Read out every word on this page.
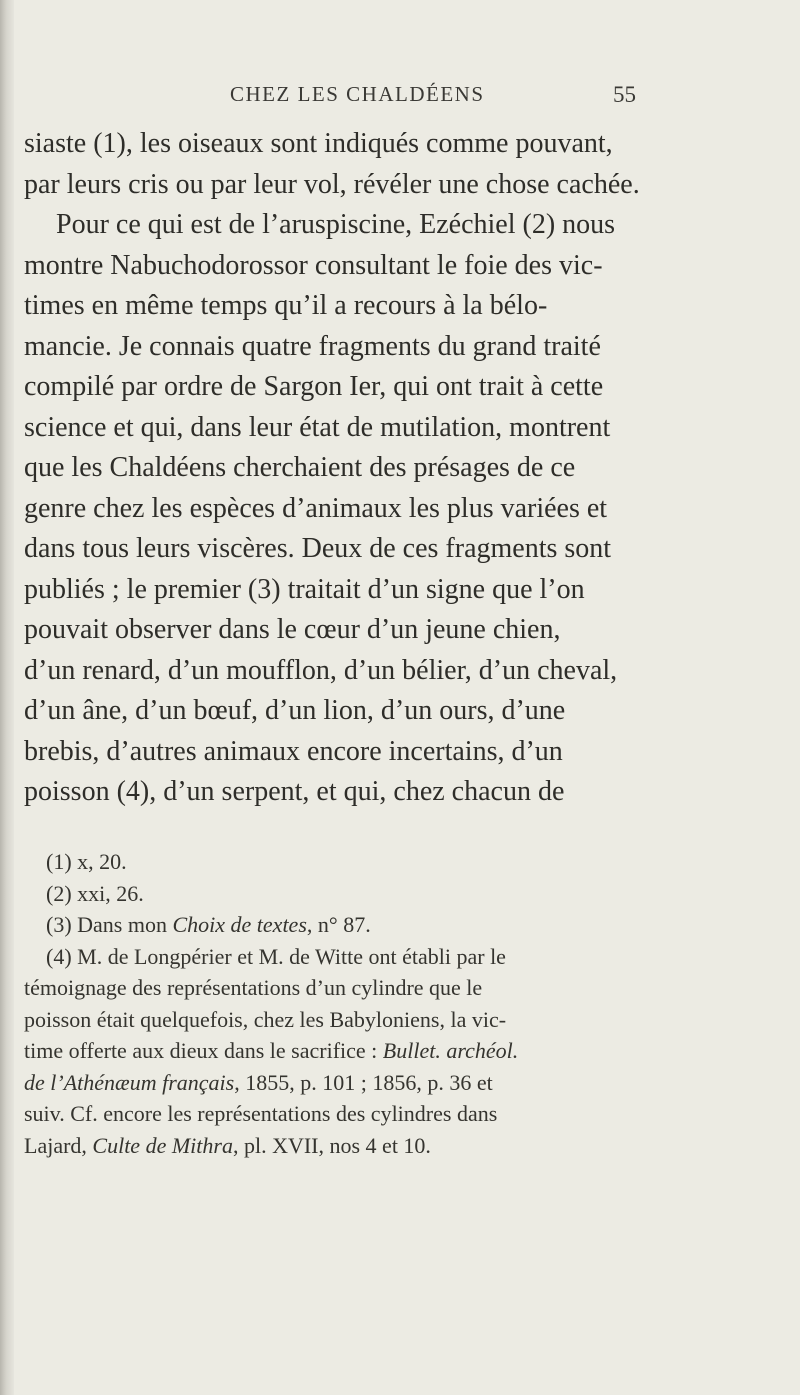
CHEZ LES CHALDÉENS	55
siaste (1), les oiseaux sont indiqués comme pouvant,
par leurs cris ou par leur vol, révéler une chose cachée.
Pour ce qui est de l’aruspiscine, Ezéchiel (2) nous
montre Nabuchodorossor consultant le foie des vic-
times en même temps qu’il a recours à la bélo-
mancie. Je connais quatre fragments du grand traité
compilé par ordre de Sargon Ier, qui ont trait à cette
science et qui, dans leur état de mutilation, montrent
que les Chaldéens cherchaient des présages de ce
genre chez les espèces d’animaux les plus variées et
dans tous leurs viscères. Deux de ces fragments sont
publiés ; le premier (3) traitait d’un signe que l’on
pouvait observer dans le cœur d’un jeune chien,
d’un renard, d’un moufflon, d’un bélier, d’un cheval,
d’un âne, d’un bœuf, d’un lion, d’un ours, d’une
brebis, d’autres animaux encore incertains, d’un
poisson (4), d’un serpent, et qui, chez chacun de
(1) x, 20.
(2) xxi, 26.
(3) Dans mon Choix de textes, n° 87.
(4) M. de Longpérier et M. de Witte ont établi par le
témoignage des représentations d’un cylindre que le
poisson était quelquefois, chez les Babyloniens, la vic-
time offerte aux dieux dans le sacrifice : Bullet. archéol.
de l’Athénæum français, 1855, p. 101 ; 1856, p. 36 et
suiv. Cf. encore les représentations des cylindres dans
Lajard, Culte de Mithra, pl. XVII, nos 4 et 10.
